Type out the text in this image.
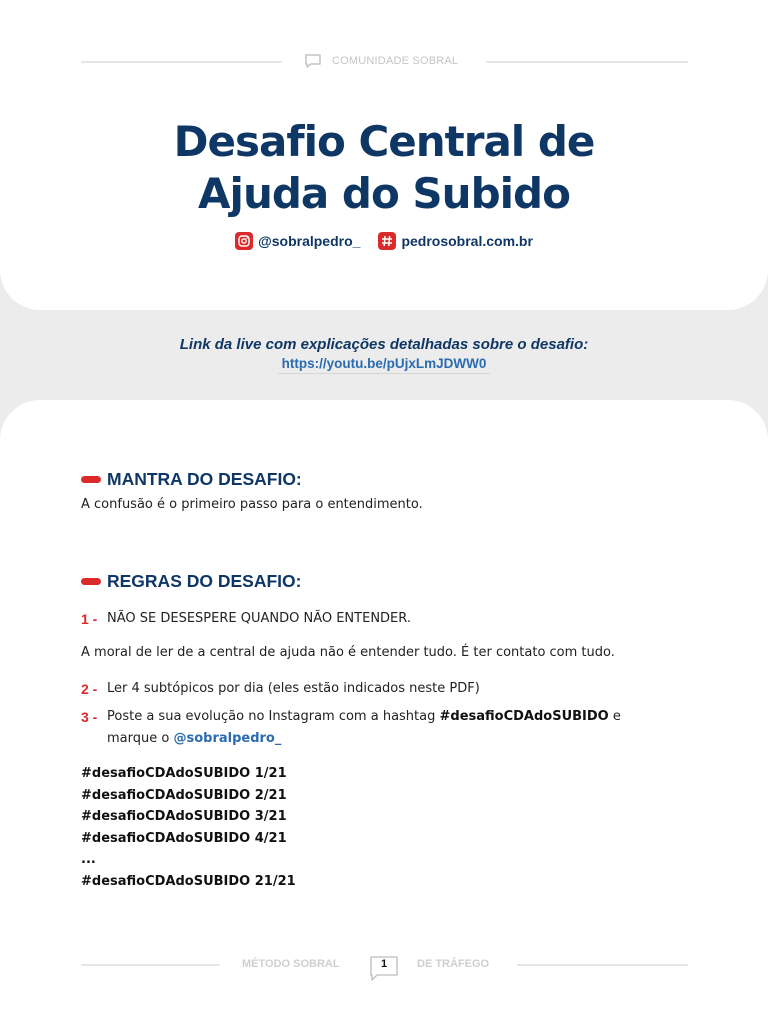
COMUNIDADE SOBRAL
Desafio Central de
Ajuda do Subido
@sobralpedro_	pedrosobral.com.br
Link da live com explicações detalhadas sobre o desafio:
https://youtu.be/pUjxLmJDWW0
MANTRA DO DESAFIO:
A confusão é o primeiro passo para o entendimento.
REGRAS DO DESAFIO:
1 - NÃO SE DESESPERE QUANDO NÃO ENTENDER.
A moral de ler de a central de ajuda não é entender tudo. É ter contato com tudo.
2 - Ler 4 subtópicos por dia (eles estão indicados neste PDF)
3 - Poste a sua evolução no Instagram com a hashtag #desafioCDAdoSUBIDO e
marque o @sobralpedro_
#desafioCDAdoSUBIDO 1/21
#desafioCDAdoSUBIDO 2/21
#desafioCDAdoSUBIDO 3/21
#desafioCDAdoSUBIDO 4/21
...
#desafioCDAdoSUBIDO 21/21
MÉTODO SOBRAL	1	DE TRÁFEGO
